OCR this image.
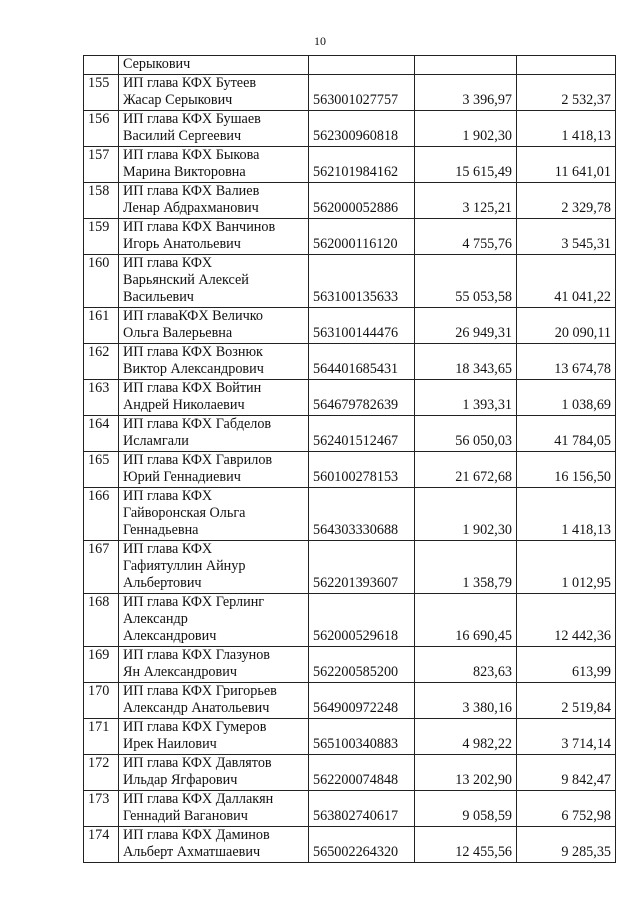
10

	Серыкович			

155	ИП глава КФХ Бутеев
Жасар Серыкович	563001027757	3 396,97	2 532,37
156	ИП глава КФХ Бушаев
Василий Сергеевич	562300960818	1 902,30	1 418,13
157	ИП глава КФХ Быкова
Марина Викторовна	562101984162	15 615,49	11 641,01
158	ИП глава КФХ Валиев
Ленар Абдрахманович	562000052886	3 125,21	2 329,78
159	ИП глава КФХ Ванчинов
Игорь Анатольевич	562000116120	4 755,76	3 545,31
160	ИП глава КФХ
Варьянский Алексей
Васильевич	563100135633	55 053,58	41 041,22
161	ИП главаКФХ Величко
Ольга Валерьевна	563100144476	26 949,31	20 090,11
162	ИП глава КФХ Вознюк
Виктор Александрович	564401685431	18 343,65	13 674,78
163	ИП глава КФХ Войтин
Андрей Николаевич	564679782639	1 393,31	1 038,69
164	ИП глава КФХ Габделов
Исламгали	562401512467	56 050,03	41 784,05
165	ИП глава КФХ Гаврилов
Юрий Геннадиевич	560100278153	21 672,68	16 156,50
166	ИП глава КФХ
Гайворонская Ольга
Геннадьевна	564303330688	1 902,30	1 418,13
167	ИП глава КФХ
Гафиятуллин Айнур
Альбертович	562201393607	1 358,79	1 012,95
168	ИП глава КФХ Герлинг
Александр
Александрович	562000529618	16 690,45	12 442,36
169	ИП глава КФХ Глазунов
Ян Александрович	562200585200	823,63	613,99
170	ИП глава КФХ Григорьев
Александр Анатольевич	564900972248	3 380,16	2 519,84
171	ИП глава КФХ Гумеров
Ирек Наилович	565100340883	4 982,22	3 714,14
172	ИП глава КФХ Давлятов
Ильдар Ягфарович	562200074848	13 202,90	9 842,47
173	ИП глава КФХ Даллакян
Геннадий Ваганович	563802740617	9 058,59	6 752,98
174	ИП глава КФХ Даминов
Альберт Ахматшаевич	565002264320	12 455,56	9 285,35
